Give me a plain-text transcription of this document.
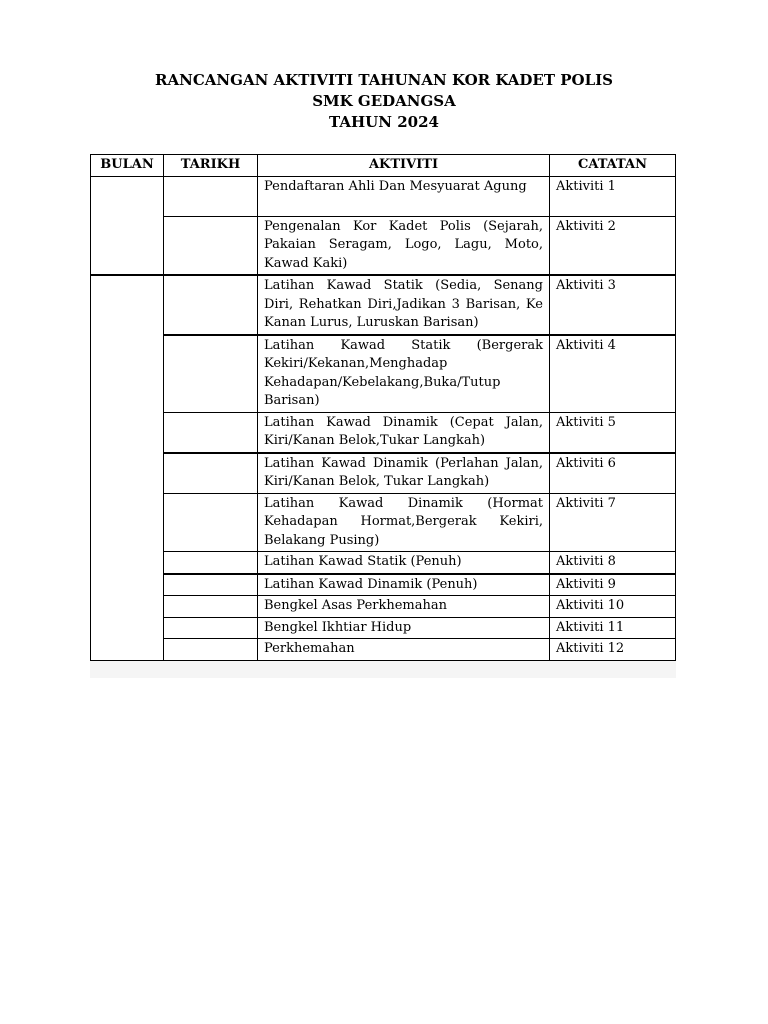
RANCANGAN AKTIVITI TAHUNAN KOR KADET POLIS
SMK GEDANGSA
TAHUN 2024
BULAN	TARIKH	AKTIVITI	CATATAN
		Pendaftaran Ahli Dan Mesyuarat Agung	Aktiviti 1
		Pengenalan Kor Kadet Polis (Sejarah, Pakaian Seragam, Logo, Lagu, Moto, Kawad Kaki)	Aktiviti 2
		Latihan Kawad Statik (Sedia, Senang Diri, Rehatkan Diri,Jadikan 3 Barisan, Ke Kanan Lurus, Luruskan Barisan)	Aktiviti 3
		Latihan Kawad Statik (Bergerak Kekiri/Kekanan,Menghadap Kehadapan/Kebelakang,Buka/Tutup Barisan)	Aktiviti 4
		Latihan Kawad Dinamik (Cepat Jalan, Kiri/Kanan Belok,Tukar Langkah)	Aktiviti 5
		Latihan Kawad Dinamik (Perlahan Jalan, Kiri/Kanan Belok, Tukar Langkah)	Aktiviti 6
		Latihan Kawad Dinamik (Hormat Kehadapan Hormat,Bergerak Kekiri, Belakang Pusing)	Aktiviti 7
		Latihan Kawad Statik (Penuh)	Aktiviti 8
		Latihan Kawad Dinamik (Penuh)	Aktiviti 9
		Bengkel Asas Perkhemahan	Aktiviti 10
		Bengkel Ikhtiar Hidup	Aktiviti 11
		Perkhemahan	Aktiviti 12
